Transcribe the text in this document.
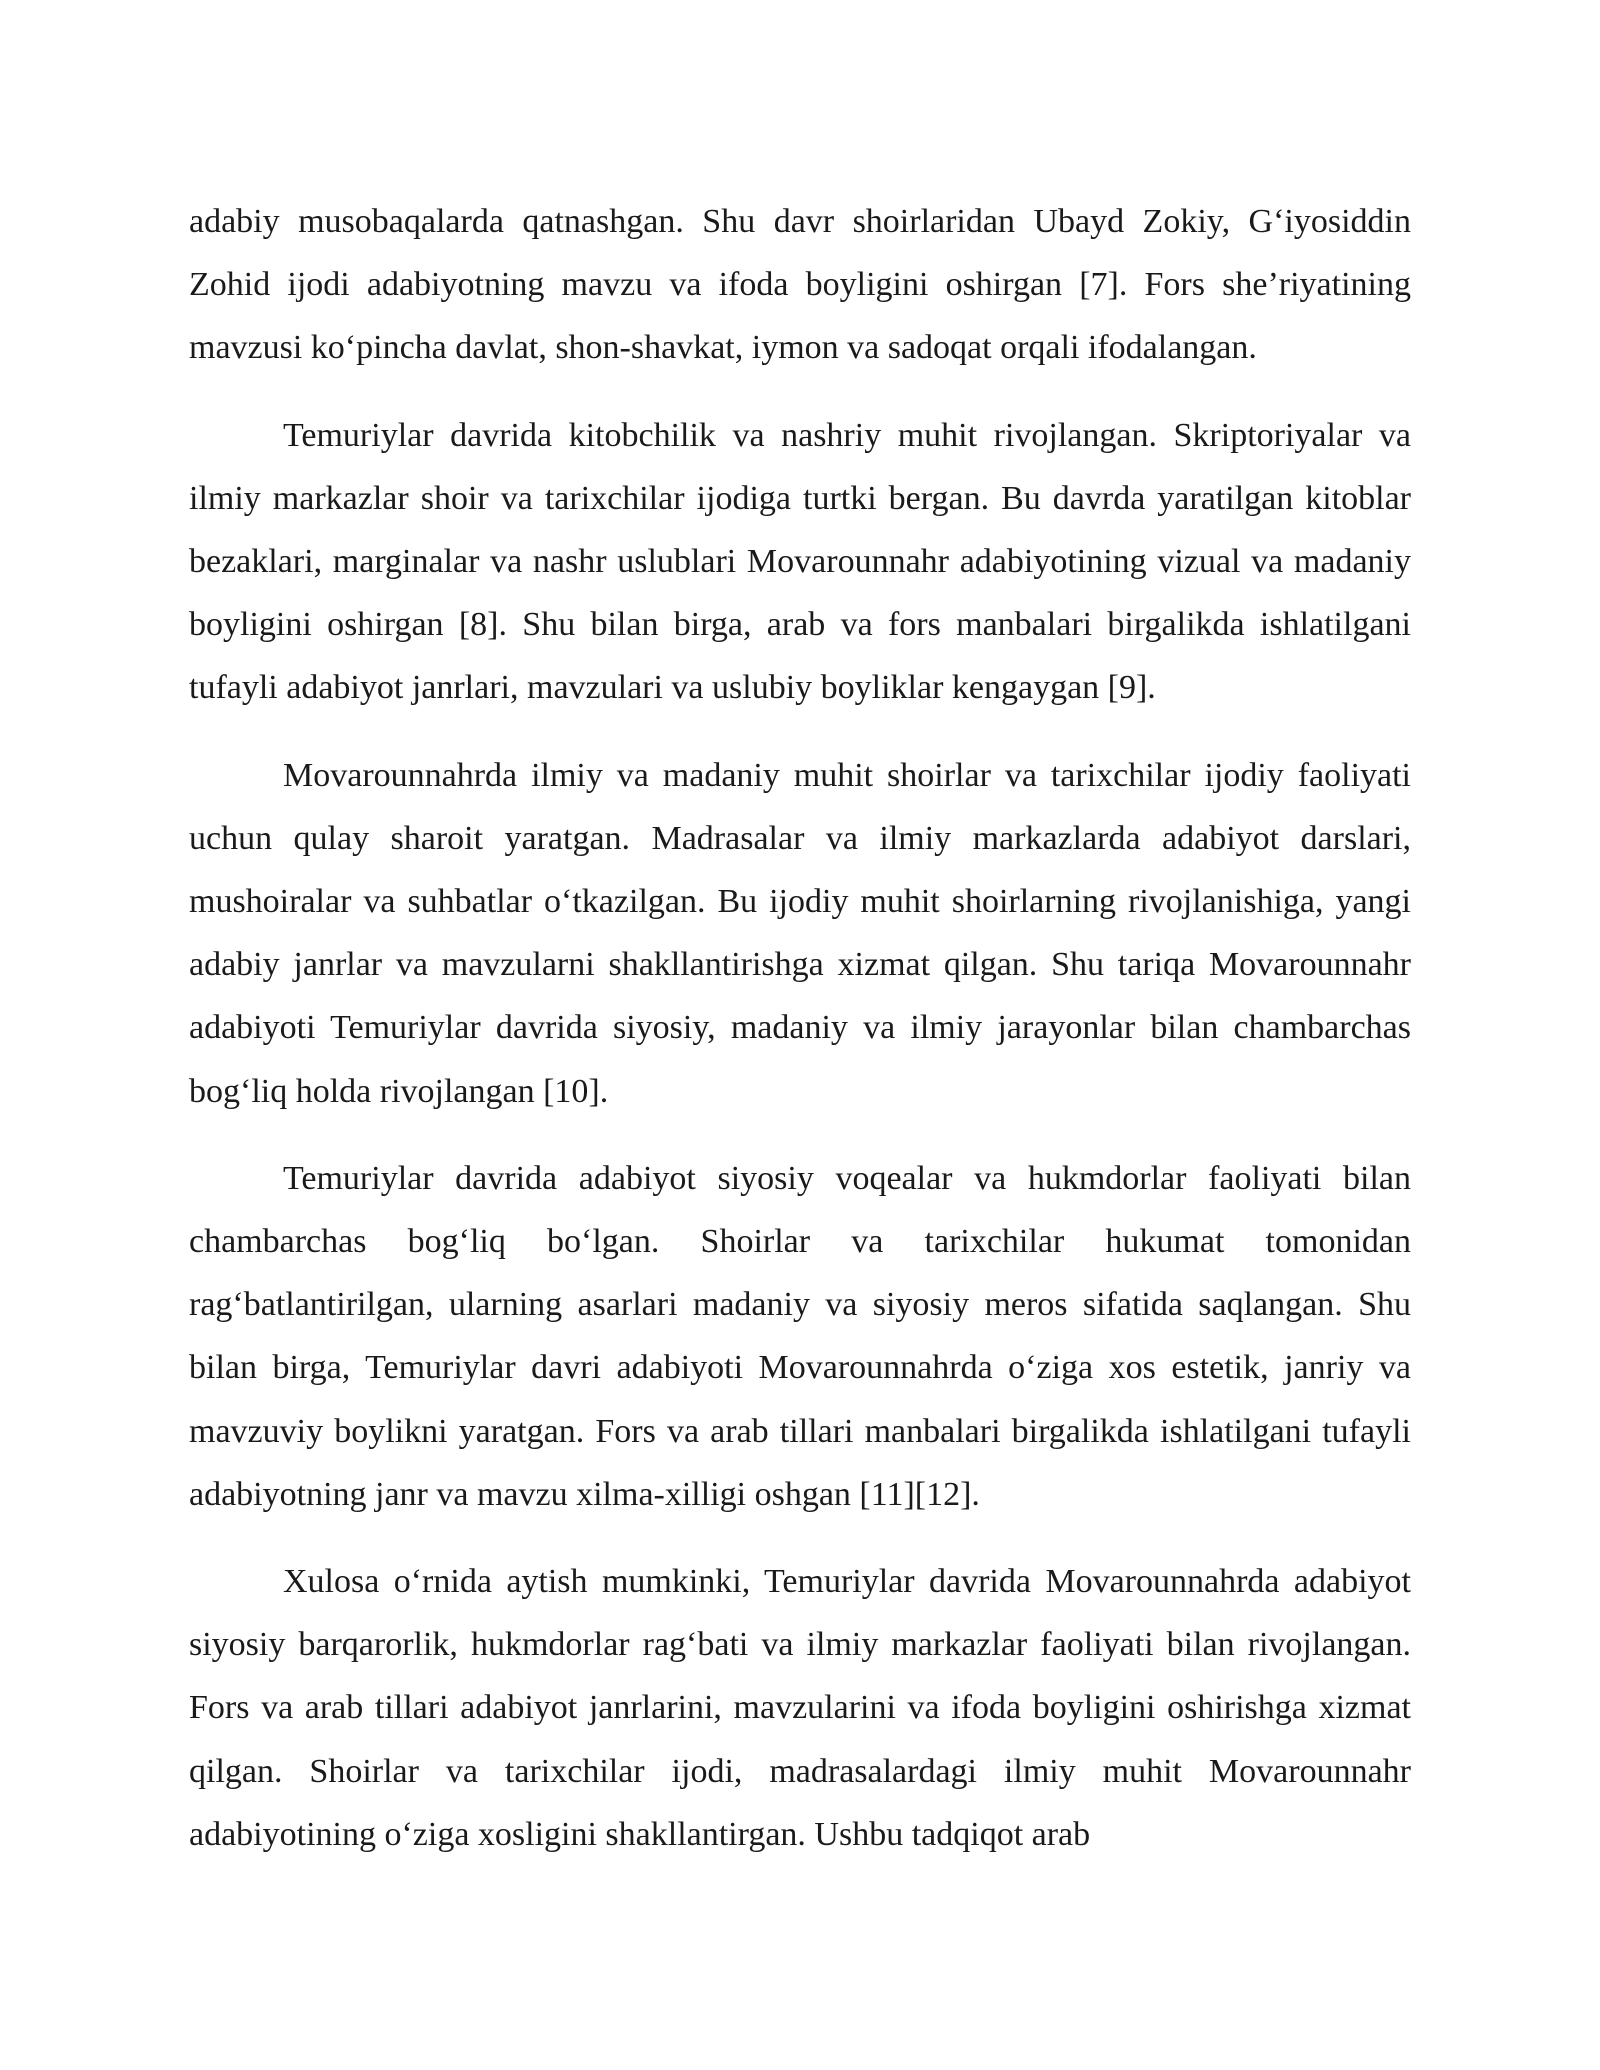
adabiy musobaqalarda qatnashgan. Shu davr shoirlaridan Ubayd Zokiy, G‘iyosiddin Zohid ijodi adabiyotning mavzu va ifoda boyligini oshirgan [7]. Fors she’riyatining mavzusi ko‘pincha davlat, shon-shavkat, iymon va sadoqat orqali ifodalangan.

Temuriylar davrida kitobchilik va nashriy muhit rivojlangan. Skriptoriyalar va ilmiy markazlar shoir va tarixchilar ijodiga turtki bergan. Bu davrda yaratilgan kitoblar bezaklari, marginalar va nashr uslublari Movarounnahr adabiyotining vizual va madaniy boyligini oshirgan [8]. Shu bilan birga, arab va fors manbalari birgalikda ishlatilgani tufayli adabiyot janrlari, mavzulari va uslubiy boyliklar kengaygan [9].

Movarounnahrda ilmiy va madaniy muhit shoirlar va tarixchilar ijodiy faoliyati uchun qulay sharoit yaratgan. Madrasalar va ilmiy markazlarda adabiyot darslari, mushoiralar va suhbatlar o‘tkazilgan. Bu ijodiy muhit shoirlarning rivojlanishiga, yangi adabiy janrlar va mavzularni shakllantirishga xizmat qilgan. Shu tariqa Movarounnahr adabiyoti Temuriylar davrida siyosiy, madaniy va ilmiy jarayonlar bilan chambarchas bog‘liq holda rivojlangan [10].

Temuriylar davrida adabiyot siyosiy voqealar va hukmdorlar faoliyati bilan chambarchas bog‘liq bo‘lgan. Shoirlar va tarixchilar hukumat tomonidan rag‘batlantirilgan, ularning asarlari madaniy va siyosiy meros sifatida saqlangan. Shu bilan birga, Temuriylar davri adabiyoti Movarounnahrda o‘ziga xos estetik, janriy va mavzuviy boylikni yaratgan. Fors va arab tillari manbalari birgalikda ishlatilgani tufayli adabiyotning janr va mavzu xilma-xilligi oshgan [11][12].

Xulosa o‘rnida aytish mumkinki, Temuriylar davrida Movarounnahrda adabiyot siyosiy barqarorlik, hukmdorlar rag‘bati va ilmiy markazlar faoliyati bilan rivojlangan. Fors va arab tillari adabiyot janrlarini, mavzularini va ifoda boyligini oshirishga xizmat qilgan. Shoirlar va tarixchilar ijodi, madrasalardagi ilmiy muhit Movarounnahr adabiyotining o‘ziga xosligini shakllantirgan. Ushbu tadqiqot arab
